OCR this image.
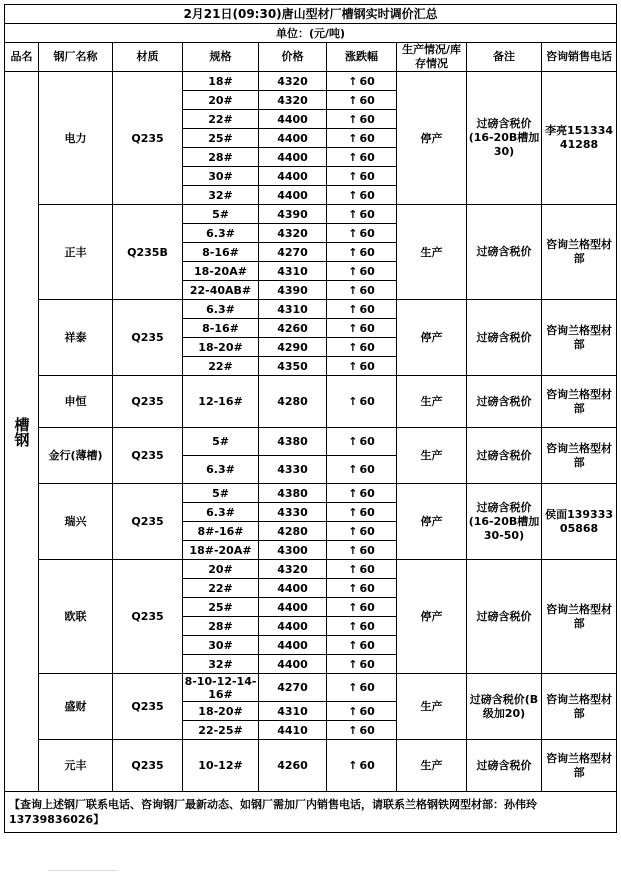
2月21日(09:30)唐山型材厂槽钢实时调价汇总								
单位：(元/吨)								
品名	钢厂名称	材质	规格	价格	涨跌幅	生产情况/库存情况	备注	咨询销售电话
槽钢	电力	Q235	18#	4320	↑ 60	停产	过磅含税价(16-20B槽加30)	李亮15133441288
			20#	4320	↑ 60			
			22#	4400	↑ 60			
			25#	4400	↑ 60			
			28#	4400	↑ 60			
			30#	4400	↑ 60			
			32#	4400	↑ 60			
	正丰	Q235B	5#	4390	↑ 60	生产	过磅含税价	咨询兰格型材部
			6.3#	4320	↑ 60			
			8-16#	4270	↑ 60			
			18-20A#	4310	↑ 60			
			22-40AB#	4390	↑ 60			
	祥泰	Q235	6.3#	4310	↑ 60	停产	过磅含税价	咨询兰格型材部
			8-16#	4260	↑ 60			
			18-20#	4290	↑ 60			
			22#	4350	↑ 60			
	申恒	Q235	12-16#	4280	↑ 60	生产	过磅含税价	咨询兰格型材部
	金行(薄槽)	Q235	5#	4380	↑ 60	生产	过磅含税价	咨询兰格型材部
			6.3#	4330	↑ 60			
	瑞兴	Q235	5#	4380	↑ 60	停产	过磅含税价(16-20B槽加30-50)	侯面13933305868
			6.3#	4330	↑ 60			
			8#-16#	4280	↑ 60			
			18#-20A#	4300	↑ 60			
	欧联	Q235	20#	4320	↑ 60	停产	过磅含税价	咨询兰格型材部
			22#	4400	↑ 60			
			25#	4400	↑ 60			
			28#	4400	↑ 60			
			30#	4400	↑ 60			
			32#	4400	↑ 60			
	盛财	Q235	8-10-12-14-16#	4270	↑ 60	生产	过磅含税价(B级加20)	咨询兰格型材部
			18-20#	4310	↑ 60			
			22-25#	4410	↑ 60			
	元丰	Q235	10-12#	4260	↑ 60	生产	过磅含税价	咨询兰格型材部
【查询上述钢厂联系电话、咨询钢厂最新动态、如钢厂需加厂内销售电话，请联系兰格钢铁网型材部：孙伟玲13739836026】								
